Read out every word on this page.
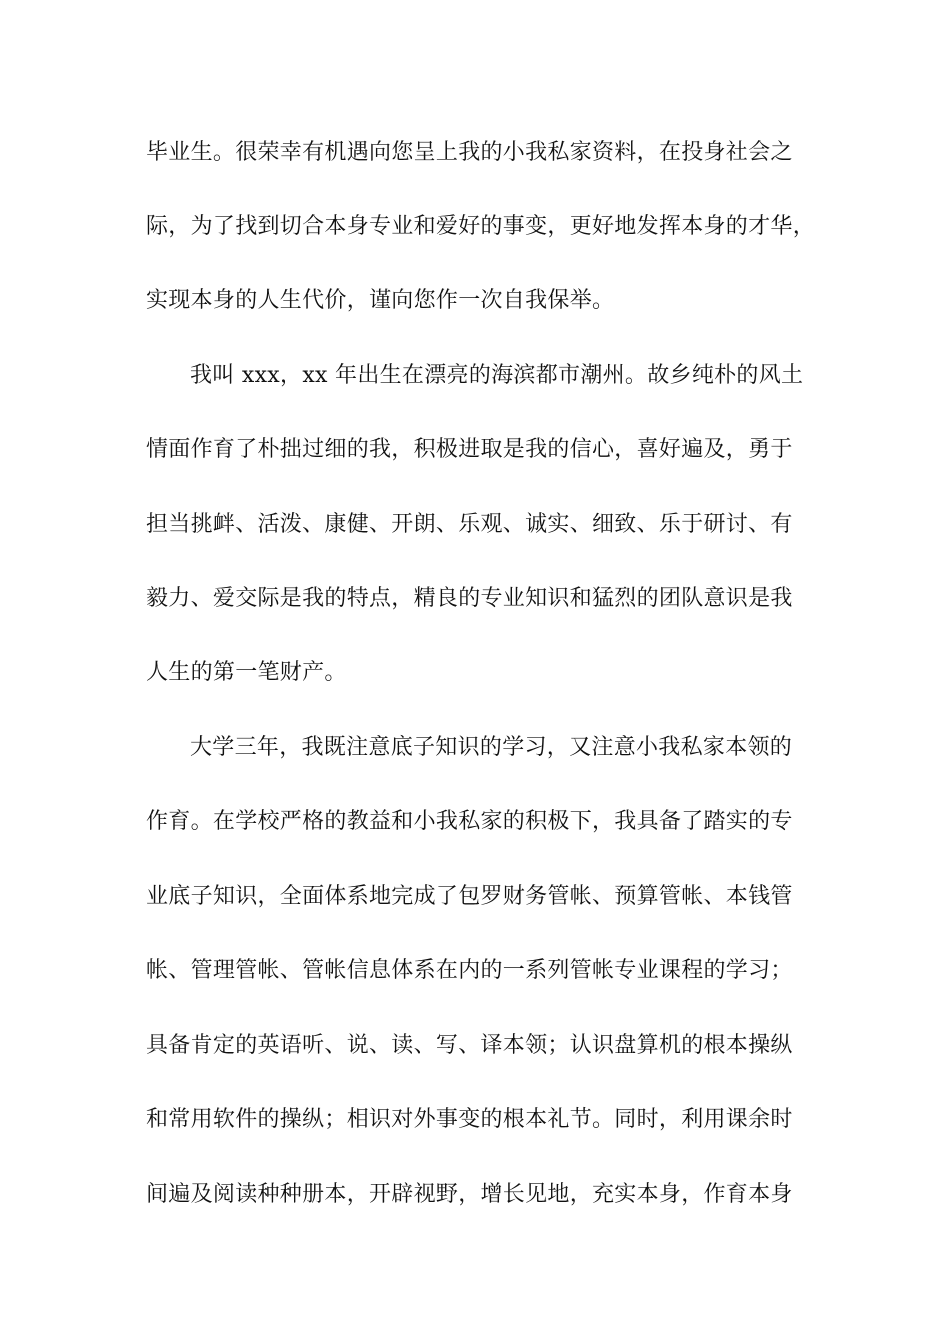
毕业生。很荣幸有机遇向您呈上我的小我私家资料，在投身社会之
际，为了找到切合本身专业和爱好的事变，更好地发挥本身的才华，
实现本身的人生代价，谨向您作一次自我保举。
我叫 xxx，xx 年出生在漂亮的海滨都市潮州。故乡纯朴的风土
情面作育了朴拙过细的我，积极进取是我的信心，喜好遍及，勇于
担当挑衅、活泼、康健、开朗、乐观、诚实、细致、乐于研讨、有
毅力、爱交际是我的特点，精良的专业知识和猛烈的团队意识是我
人生的第一笔财产。
大学三年，我既注意底子知识的学习，又注意小我私家本领的
作育。在学校严格的教益和小我私家的积极下，我具备了踏实的专
业底子知识，全面体系地完成了包罗财务管帐、预算管帐、本钱管
帐、管理管帐、管帐信息体系在内的一系列管帐专业课程的学习；
具备肯定的英语听、说、读、写、译本领；认识盘算机的根本操纵
和常用软件的操纵；相识对外事变的根本礼节。同时，利用课余时
间遍及阅读种种册本，开辟视野，增长见地，充实本身，作育本身
